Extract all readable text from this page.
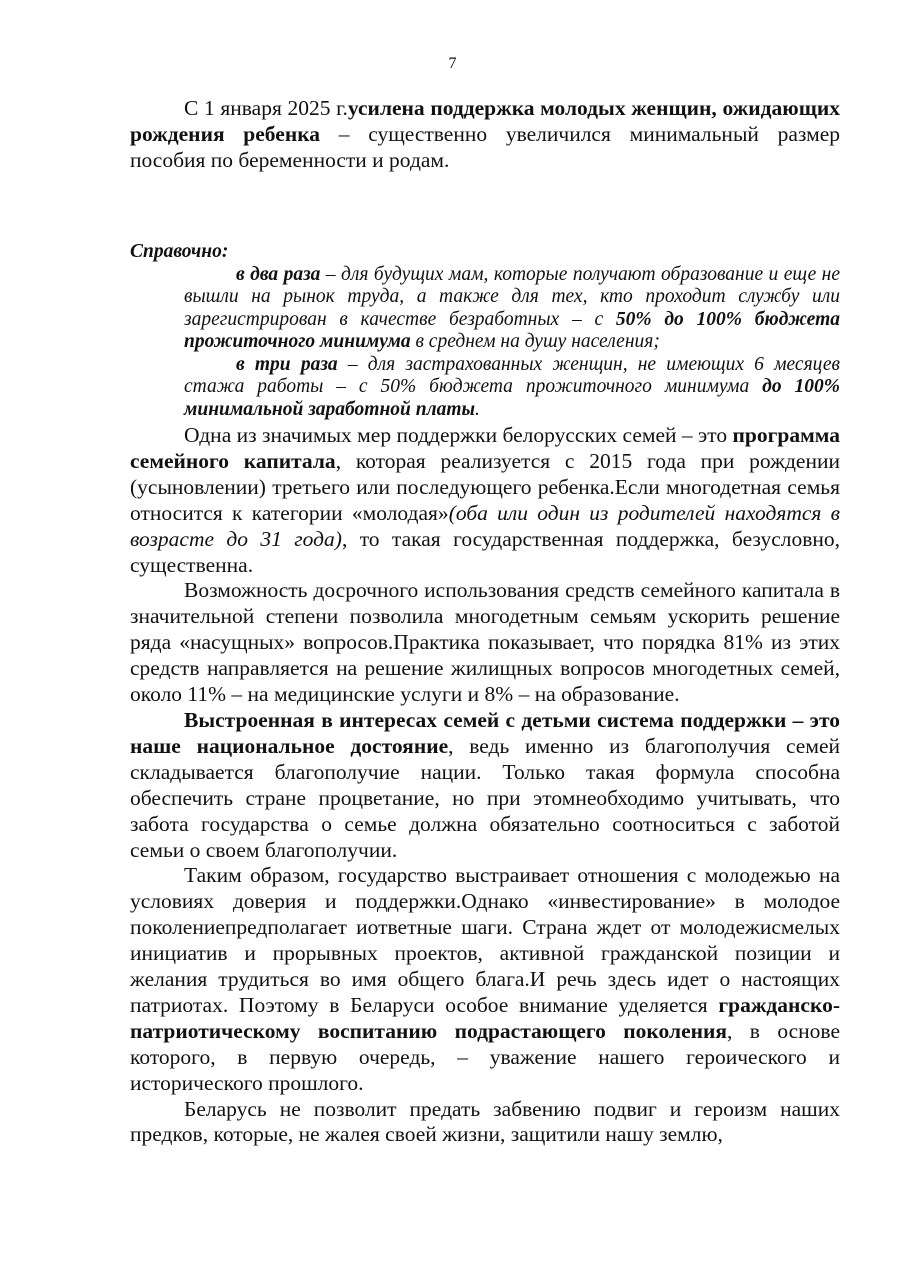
7

С 1 января 2025 г.усилена поддержка молодых женщин, ожидающих рождения ребенка – существенно увеличился минимальный размер пособия по беременности и родам.

Справочно:

в два раза – для будущих мам, которые получают образование и еще не вышли на рынок труда, а также для тех, кто проходит службу или зарегистрирован в качестве безработных – с 50% до 100% бюджета прожиточного минимума в среднем на душу населения;

в три раза – для застрахованных женщин, не имеющих 6 месяцев стажа работы – с 50% бюджета прожиточного минимума до 100% минимальной заработной платы.

Одна из значимых мер поддержки белорусских семей – это программа семейного капитала, которая реализуется с 2015 года при рождении (усыновлении) третьего или последующего ребенка.Если многодетная семья относится к категории «молодая»(оба или один из родителей находятся в возрасте до 31 года), то такая государственная поддержка, безусловно, существенна.

Возможность досрочного использования средств семейного капитала в значительной степени позволила многодетным семьям ускорить решение ряда «насущных» вопросов.Практика показывает, что порядка 81% из этих средств направляется на решение жилищных вопросов многодетных семей, около 11% – на медицинские услуги и 8% – на образование.

Выстроенная в интересах семей с детьми система поддержки – это наше национальное достояние, ведь именно из благополучия семей складывается благополучие нации. Только такая формула способна обеспечить стране процветание, но при этомнеобходимо учитывать, что забота государства о семье должна обязательно соотноситься с заботой семьи о своем благополучии.

Таким образом, государство выстраивает отношения с молодежью на условиях доверия и поддержки.Однако «инвестирование» в молодое поколениепредполагает иответные шаги. Страна ждет от молодежисмелых инициатив и прорывных проектов, активной гражданской позиции и желания трудиться во имя общего блага.И речь здесь идет о настоящих патриотах. Поэтому в Беларуси особое внимание уделяется гражданско-патриотическому воспитанию подрастающего поколения, в основе которого, в первую очередь, – уважение нашего героического и исторического прошлого.

Беларусь не позволит предать забвению подвиг и героизм наших предков, которые, не жалея своей жизни, защитили нашу землю,
